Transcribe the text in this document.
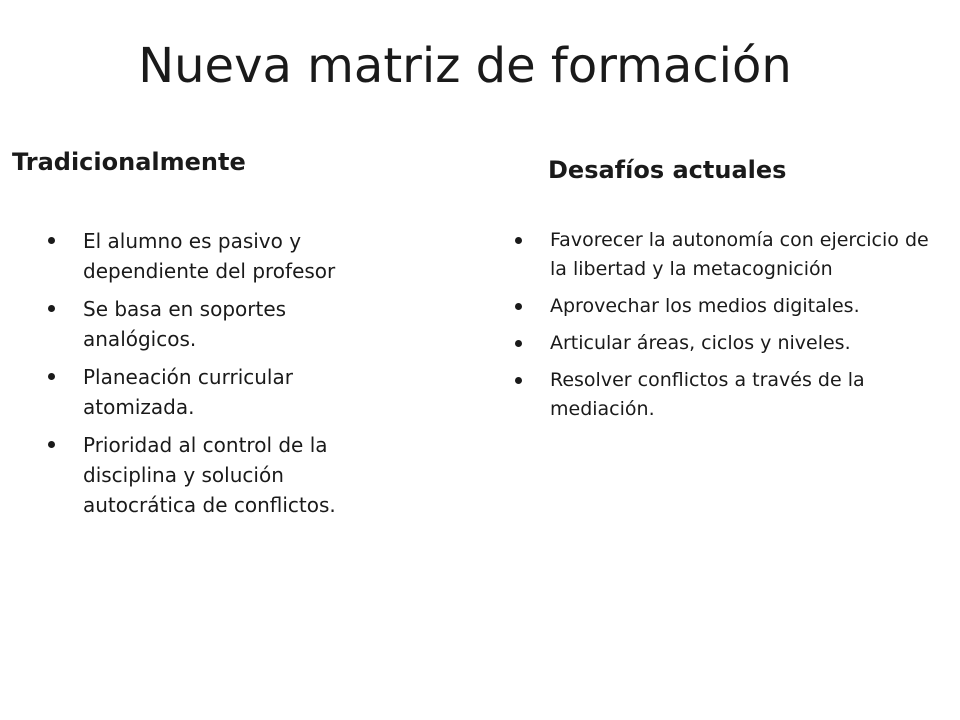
Nueva matriz de formación
Tradicionalmente	Desafíos actuales
El alumno es pasivo y dependiente del profesor
Se basa en soportes analógicos.
Planeación curricular atomizada.
Prioridad al control de la disciplina y solución autocrática de conflictos.
Favorecer la autonomía con ejercicio de la libertad y la metacognición
Aprovechar los medios digitales.
Articular áreas, ciclos y niveles.
Resolver conflictos a través de la mediación.
